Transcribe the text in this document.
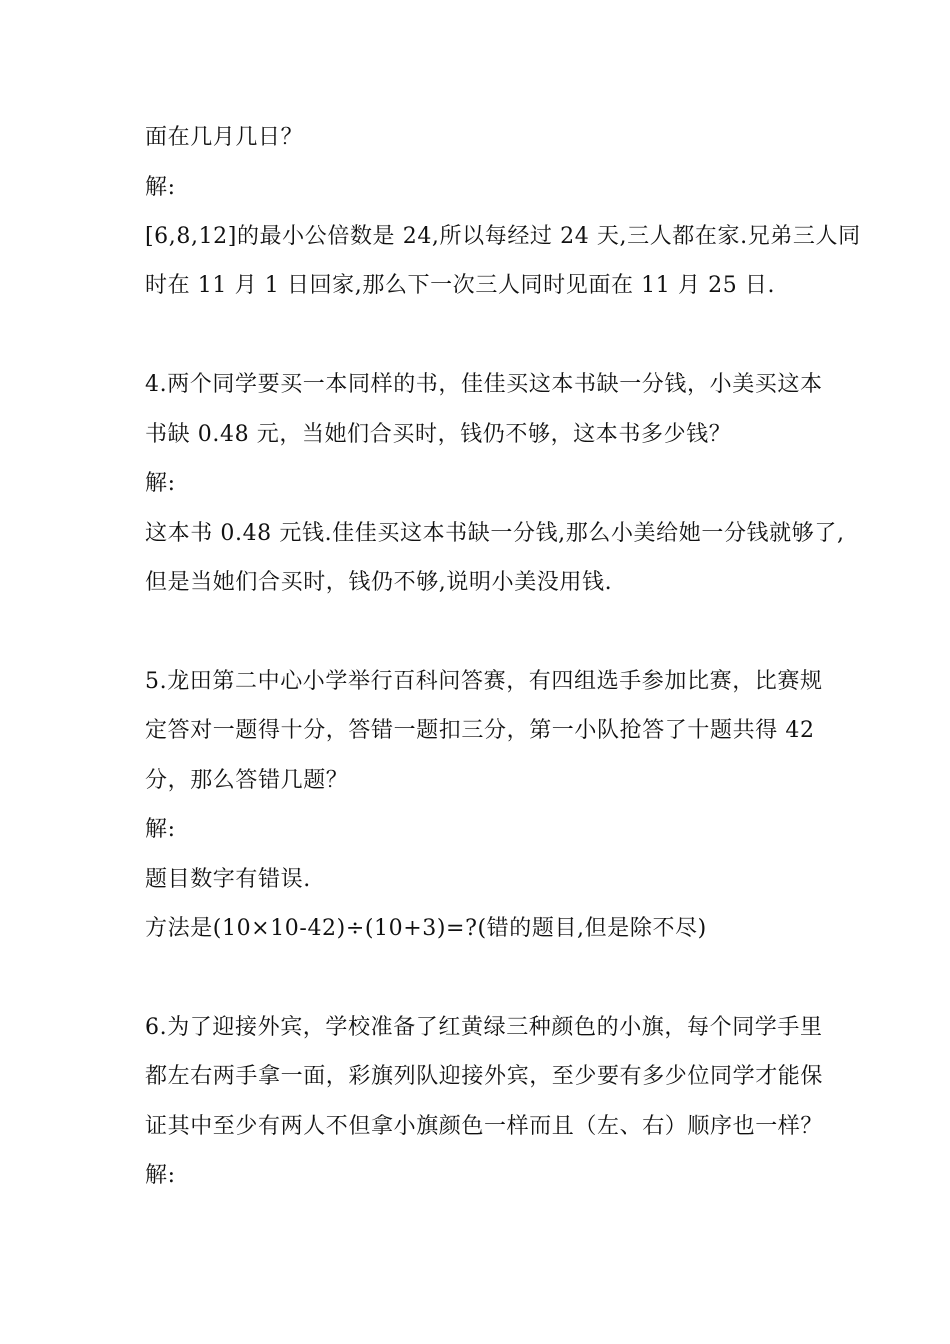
面在几月几日？
解:
[6,8,12]的最小公倍数是 24,所以每经过 24 天,三人都在家.兄弟三人同
时在 11 月 1 日回家,那么下一次三人同时见面在 11 月 25 日.
4.两个同学要买一本同样的书，佳佳买这本书缺一分钱，小美买这本
书缺 0.48 元，当她们合买时，钱仍不够，这本书多少钱？
解:
这本书 0.48 元钱.佳佳买这本书缺一分钱,那么小美给她一分钱就够了,
但是当她们合买时，钱仍不够,说明小美没用钱.
5.龙田第二中心小学举行百科问答赛，有四组选手参加比赛，比赛规
定答对一题得十分，答错一题扣三分，第一小队抢答了十题共得 42
分，那么答错几题？
解:
题目数字有错误.
方法是(10×10-42)÷(10+3)=?(错的题目,但是除不尽)
6.为了迎接外宾，学校准备了红黄绿三种颜色的小旗，每个同学手里
都左右两手拿一面，彩旗列队迎接外宾，至少要有多少位同学才能保
证其中至少有两人不但拿小旗颜色一样而且（左、右）顺序也一样？
解:
